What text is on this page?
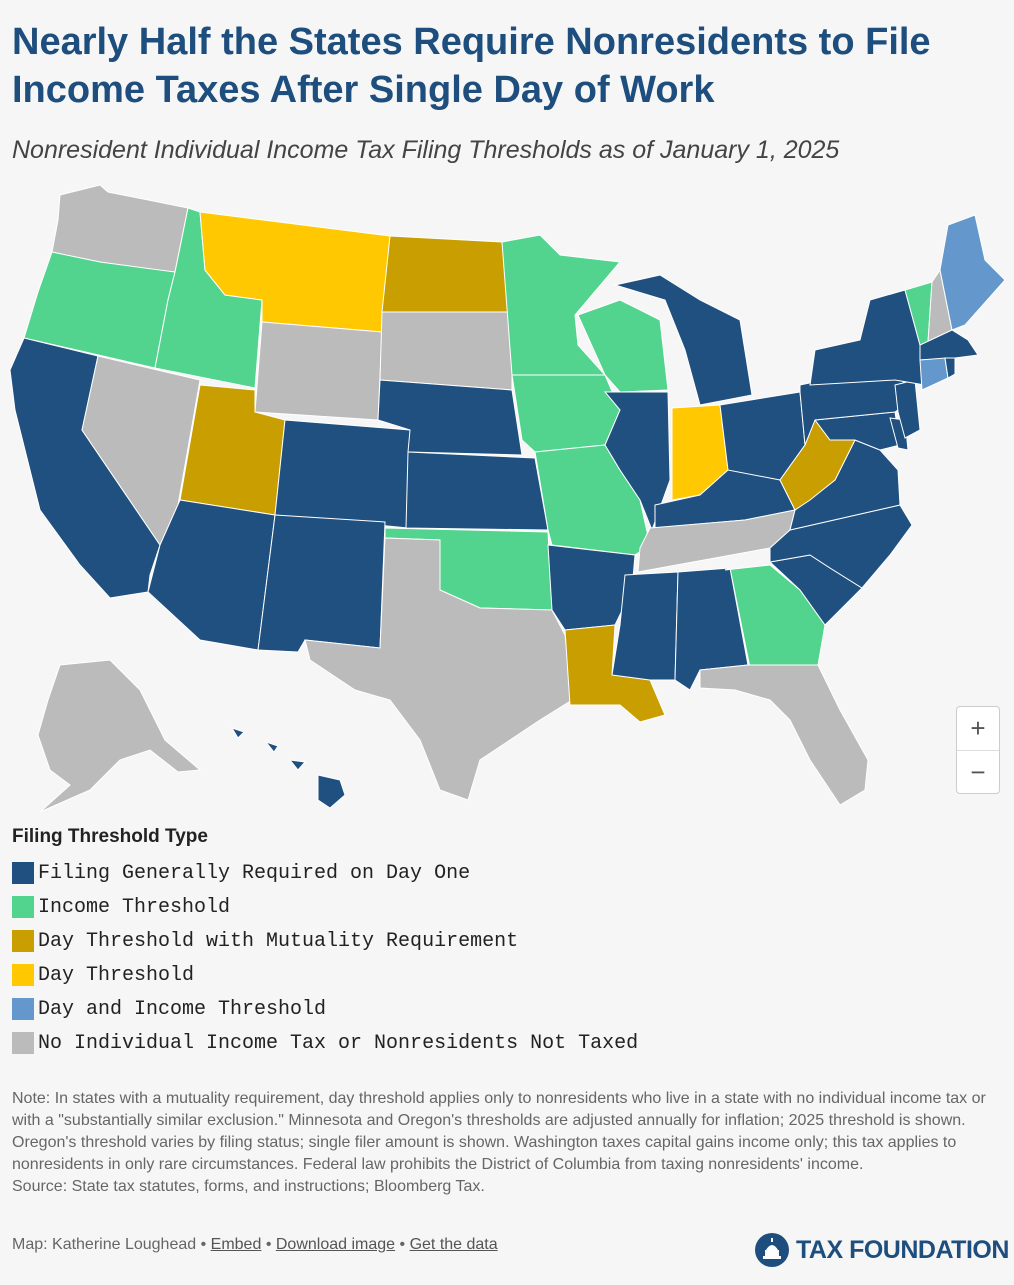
Nearly Half the States Require Nonresidents to File Income Taxes After Single Day of Work
Nonresident Individual Income Tax Filing Thresholds as of January 1, 2025
+
−
Filing Threshold Type
Filing Generally Required on Day One
Income Threshold
Day Threshold with Mutuality Requirement
Day Threshold
Day and Income Threshold
No Individual Income Tax or Nonresidents Not Taxed
Note: In states with a mutuality requirement, day threshold applies only to nonresidents who live in a state with no individual income tax or with a "substantially similar exclusion." Minnesota and Oregon's thresholds are adjusted annually for inflation; 2025 threshold is shown. Oregon's threshold varies by filing status; single filer amount is shown. Washington taxes capital gains income only; this tax applies to nonresidents in only rare circumstances. Federal law prohibits the District of Columbia from taxing nonresidents' income.
Source: State tax statutes, forms, and instructions; Bloomberg Tax.
Map: Katherine Loughead • Embed • Download image • Get the data	TAX FOUNDATION
